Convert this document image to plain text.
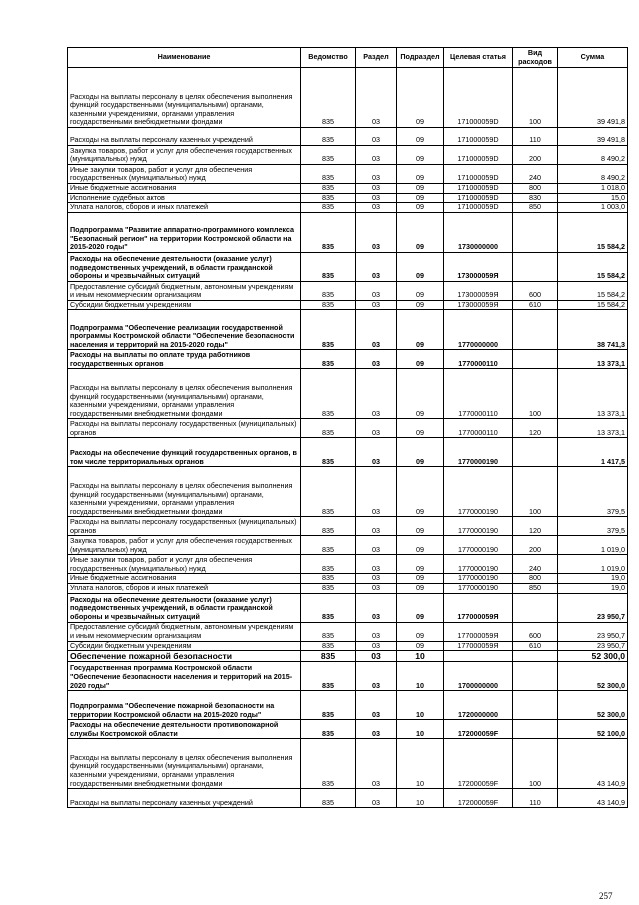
Наименование	Ведомство	Раздел	Подраздел	Целевая статья	Вид расходов	Сумма
Расходы на выплаты персоналу в целях обеспечения выполнения функций государственными (муниципальными) органами, казенными учреждениями, органами управления государственными внебюджетными фондами	835	03	09	171000059D	100	39 491,8
Расходы на выплаты персоналу казенных учреждений	835	03	09	171000059D	110	39 491,8
Закупка товаров, работ и услуг для обеспечения государственных (муниципальных) нужд	835	03	09	171000059D	200	8 490,2
Иные закупки товаров, работ и услуг для обеспечения государственных (муниципальных) нужд	835	03	09	171000059D	240	8 490,2
Иные бюджетные ассигнования	835	03	09	171000059D	800	1 018,0
Исполнение судебных актов	835	03	09	171000059D	830	15,0
Уплата налогов, сборов и иных платежей	835	03	09	171000059D	850	1 003,0
Подпрограмма "Развитие аппаратно-программного комплекса "Безопасный регион" на территории Костромской области на 2015-2020 годы"	835	03	09	1730000000		15 584,2
Расходы на обеспечение деятельности (оказание услуг) подведомственных учреждений, в области гражданской обороны и чрезвычайных ситуаций	835	03	09	173000059Я		15 584,2
Предоставление субсидий бюджетным, автономным учреждениям и иным некоммерческим организациям	835	03	09	173000059Я	600	15 584,2
Субсидии бюджетным учреждениям	835	03	09	173000059Я	610	15 584,2
Подпрограмма "Обеспечение реализации государственной программы Костромской области "Обеспечение безопасности населения и территорий на 2015-2020 годы"	835	03	09	1770000000		38 741,3
Расходы на выплаты по оплате труда работников государственных органов	835	03	09	1770000110		13 373,1
Расходы на выплаты персоналу в целях обеспечения выполнения функций государственными (муниципальными) органами, казенными учреждениями, органами управления государственными внебюджетными фондами	835	03	09	1770000110	100	13 373,1
Расходы на выплаты персоналу государственных (муниципальных) органов	835	03	09	1770000110	120	13 373,1
Расходы на обеспечение функций государственных органов, в том числе территориальных органов	835	03	09	1770000190		1 417,5
Расходы на выплаты персоналу в целях обеспечения выполнения функций государственными (муниципальными) органами, казенными учреждениями, органами управления государственными внебюджетными фондами	835	03	09	1770000190	100	379,5
Расходы на выплаты персоналу государственных (муниципальных) органов	835	03	09	1770000190	120	379,5
Закупка товаров, работ и услуг для обеспечения государственных (муниципальных) нужд	835	03	09	1770000190	200	1 019,0
Иные закупки товаров, работ и услуг для обеспечения государственных (муниципальных) нужд	835	03	09	1770000190	240	1 019,0
Иные бюджетные ассигнования	835	03	09	1770000190	800	19,0
Уплата налогов, сборов и иных платежей	835	03	09	1770000190	850	19,0
Расходы на обеспечение деятельности (оказание услуг) подведомственных учреждений, в области гражданской обороны и чрезвычайных ситуаций	835	03	09	177000059Я		23 950,7
Предоставление субсидий бюджетным, автономным учреждениям и иным некоммерческим организациям	835	03	09	177000059Я	600	23 950,7
Субсидии бюджетным учреждениям	835	03	09	177000059Я	610	23 950,7
Обеспечение пожарной безопасности	835	03	10			52 300,0
Государственная программа Костромской области "Обеспечение безопасности населения и территорий на 2015-2020 годы"	835	03	10	1700000000		52 300,0
Подпрограмма "Обеспечение пожарной безопасности на территории Костромской области на 2015-2020 годы"	835	03	10	1720000000		52 300,0
Расходы на обеспечение деятельности противопожарной службы Костромской области	835	03	10	172000059F		52 100,0
Расходы на выплаты персоналу в целях обеспечения выполнения функций государственными (муниципальными) органами, казенными учреждениями, органами управления государственными внебюджетными фондами	835	03	10	172000059F	100	43 140,9
Расходы на выплаты персоналу казенных учреждений	835	03	10	172000059F	110	43 140,9
257
